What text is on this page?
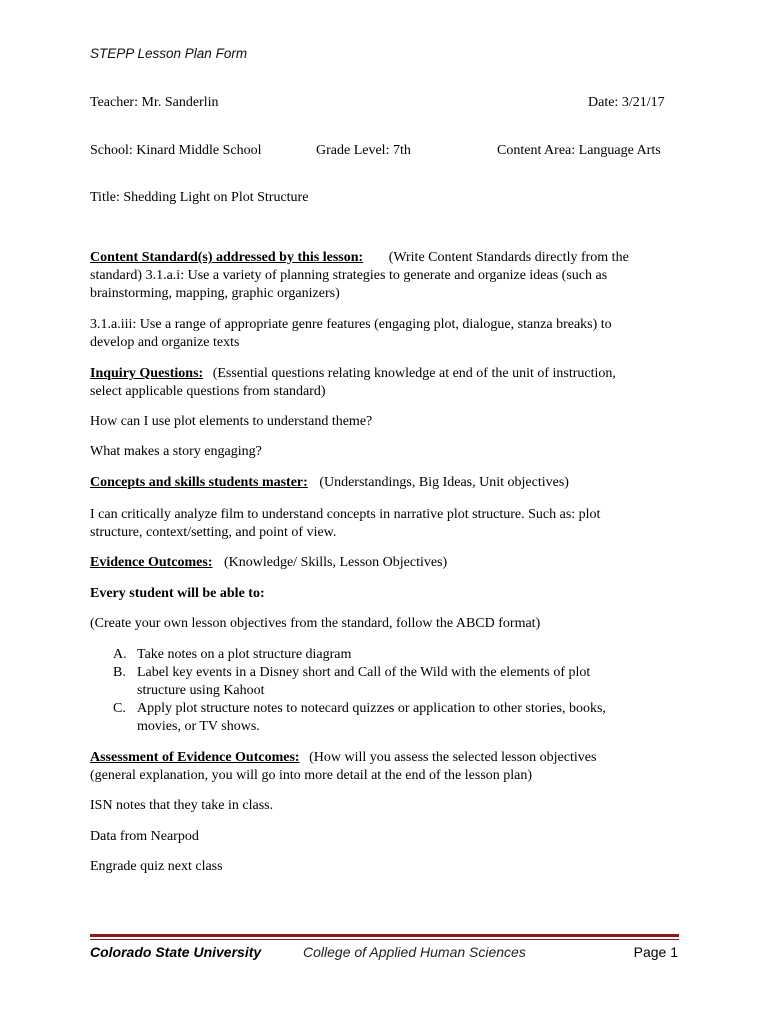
STEPP Lesson Plan Form
Teacher: Mr. Sanderlin	Date: 3/21/17
School: Kinard Middle School	Grade Level: 7th	Content Area: Language Arts
Title: Shedding Light on Plot Structure
Content Standard(s) addressed by this lesson: (Write Content Standards directly from the
standard) 3.1.a.i: Use a variety of planning strategies to generate and organize ideas (such as
brainstorming, mapping, graphic organizers)
3.1.a.iii: Use a range of appropriate genre features (engaging plot, dialogue, stanza breaks) to
develop and organize texts
Inquiry Questions: (Essential questions relating knowledge at end of the unit of instruction,
select applicable questions from standard)
How can I use plot elements to understand theme?
What makes a story engaging?
Concepts and skills students master: (Understandings, Big Ideas, Unit objectives)
I can critically analyze film to understand concepts in narrative plot structure. Such as: plot
structure, context/setting, and point of view.
Evidence Outcomes: (Knowledge/ Skills, Lesson Objectives)
Every student will be able to:
(Create your own lesson objectives from the standard, follow the ABCD format)
A. Take notes on a plot structure diagram
B. Label key events in a Disney short and Call of the Wild with the elements of plot
structure using Kahoot
C. Apply plot structure notes to notecard quizzes or application to other stories, books,
movies, or TV shows.
Assessment of Evidence Outcomes: (How will you assess the selected lesson objectives
(general explanation, you will go into more detail at the end of the lesson plan)
ISN notes that they take in class.
Data from Nearpod
Engrade quiz next class
Colorado State University	College of Applied Human Sciences	Page 1
